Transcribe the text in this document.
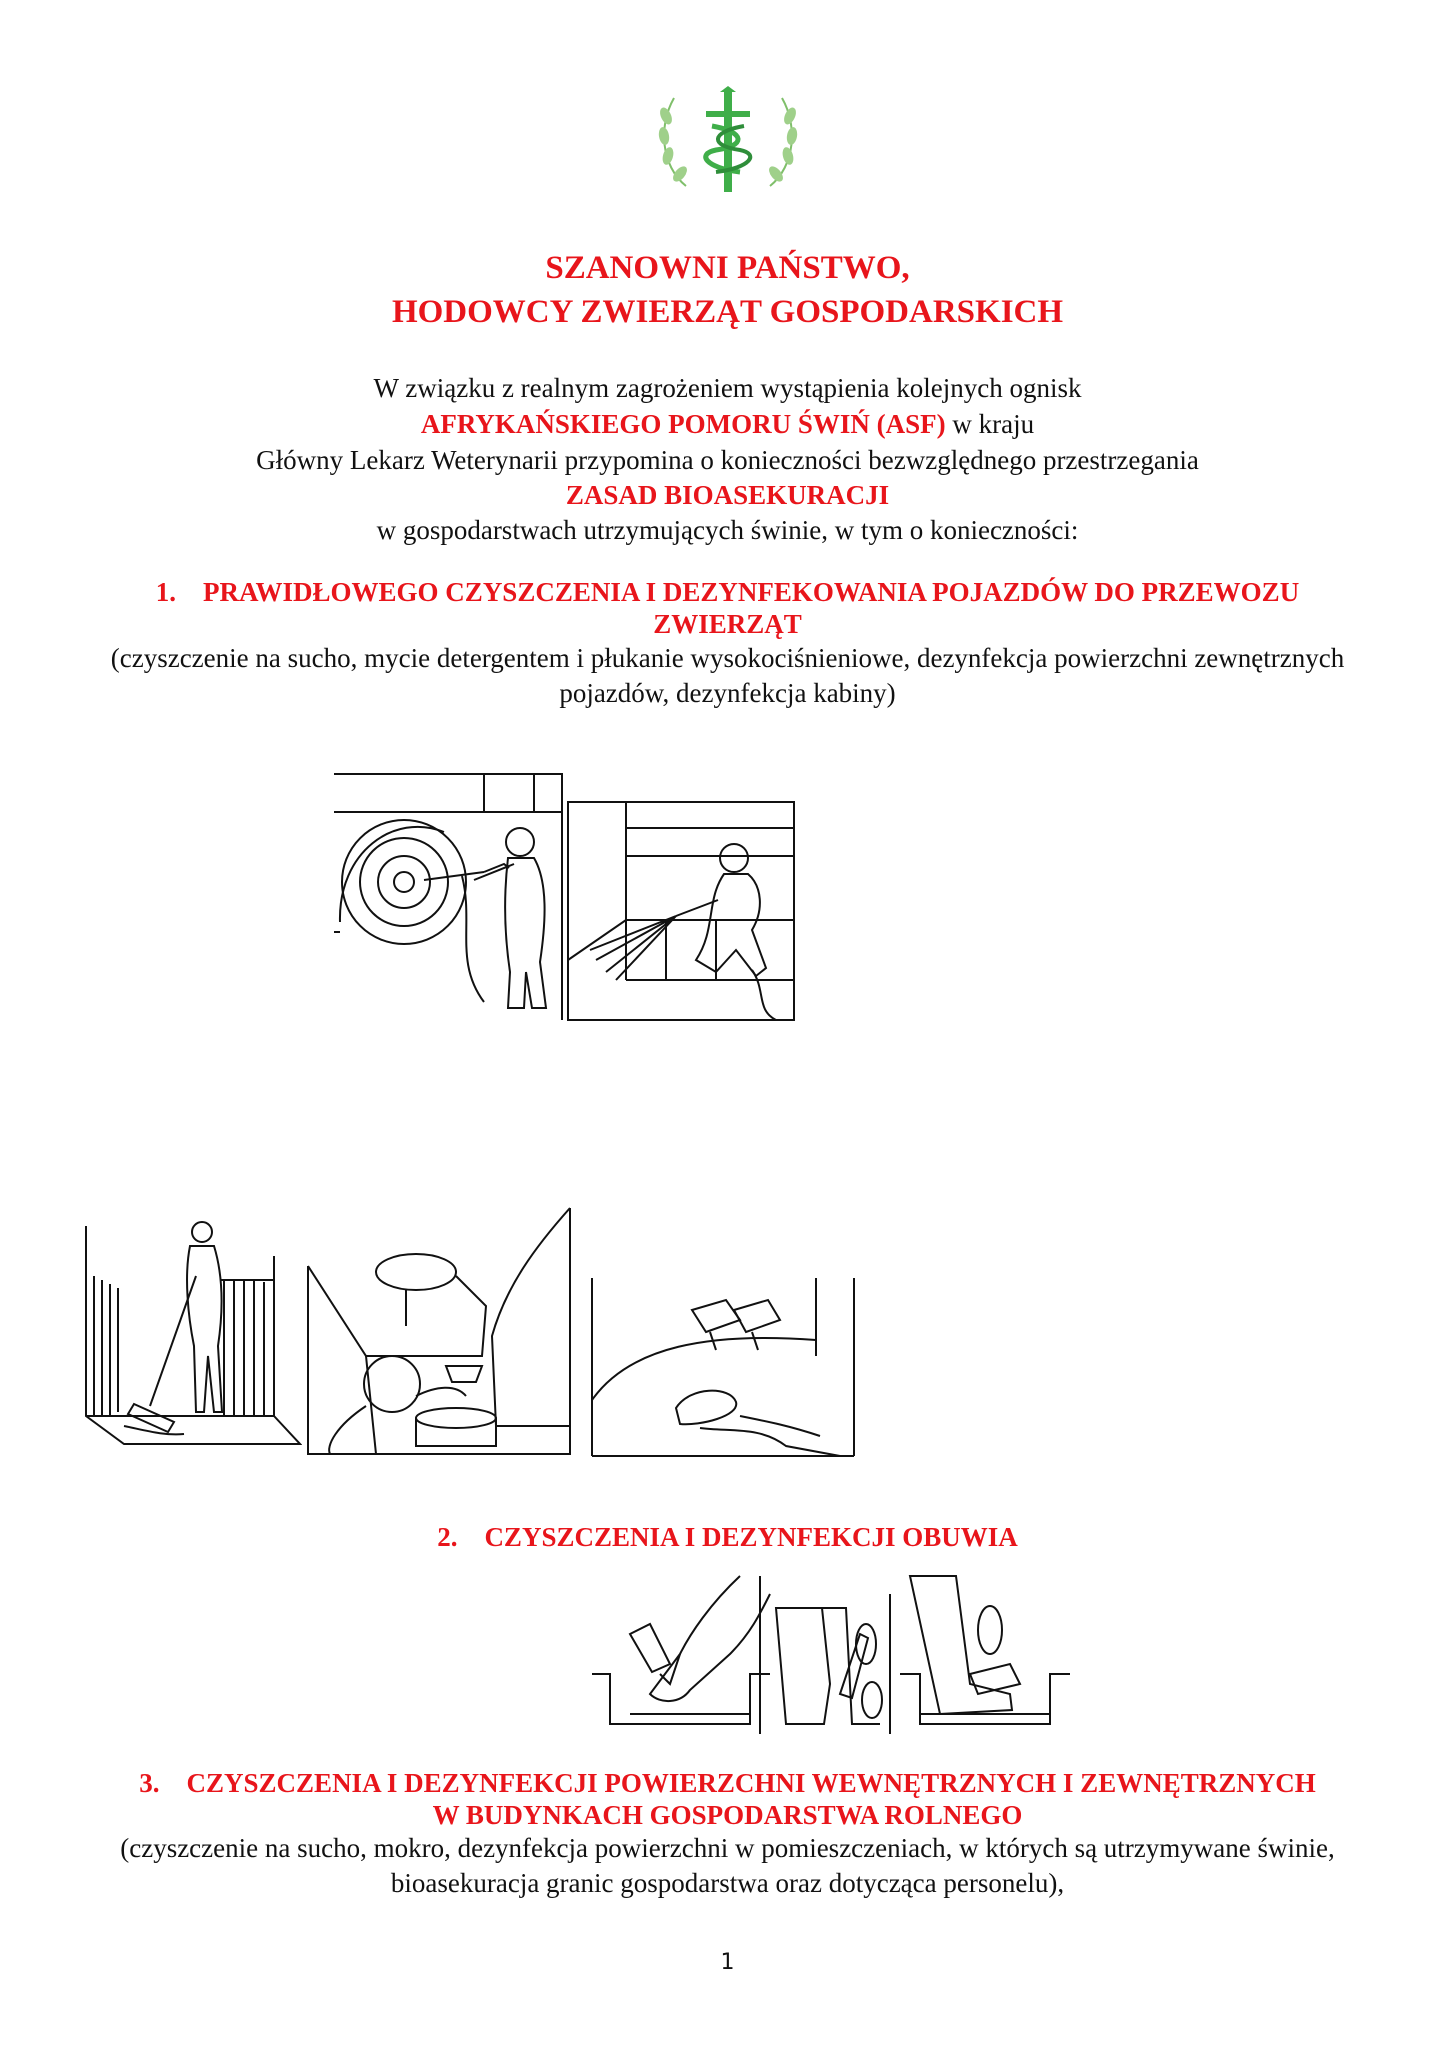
SZANOWNI PAŃSTWO,
HODOWCY ZWIERZĄT GOSPODARSKICH
W związku z realnym zagrożeniem wystąpienia kolejnych ognisk
AFRYKAŃSKIEGO POMORU ŚWIŃ (ASF) w kraju
Główny Lekarz Weterynarii przypomina o konieczności bezwzględnego przestrzegania
ZASAD BIOASEKURACJI
w gospodarstwach utrzymujących świnie, w tym o konieczności:
1. PRAWIDŁOWEGO CZYSZCZENIA I DEZYNFEKOWANIA POJAZDÓW DO PRZEWOZU
ZWIERZĄT
(czyszczenie na sucho, mycie detergentem i płukanie wysokociśnieniowe, dezynfekcja powierzchni zewnętrznych
pojazdów, dezynfekcja kabiny)
2. CZYSZCZENIA I DEZYNFEKCJI OBUWIA
3. CZYSZCZENIA I DEZYNFEKCJI POWIERZCHNI WEWNĘTRZNYCH I ZEWNĘTRZNYCH
W BUDYNKACH GOSPODARSTWA ROLNEGO
(czyszczenie na sucho, mokro, dezynfekcja powierzchni w pomieszczeniach, w których są utrzymywane świnie,
bioasekuracja granic gospodarstwa oraz dotycząca personelu),
1
